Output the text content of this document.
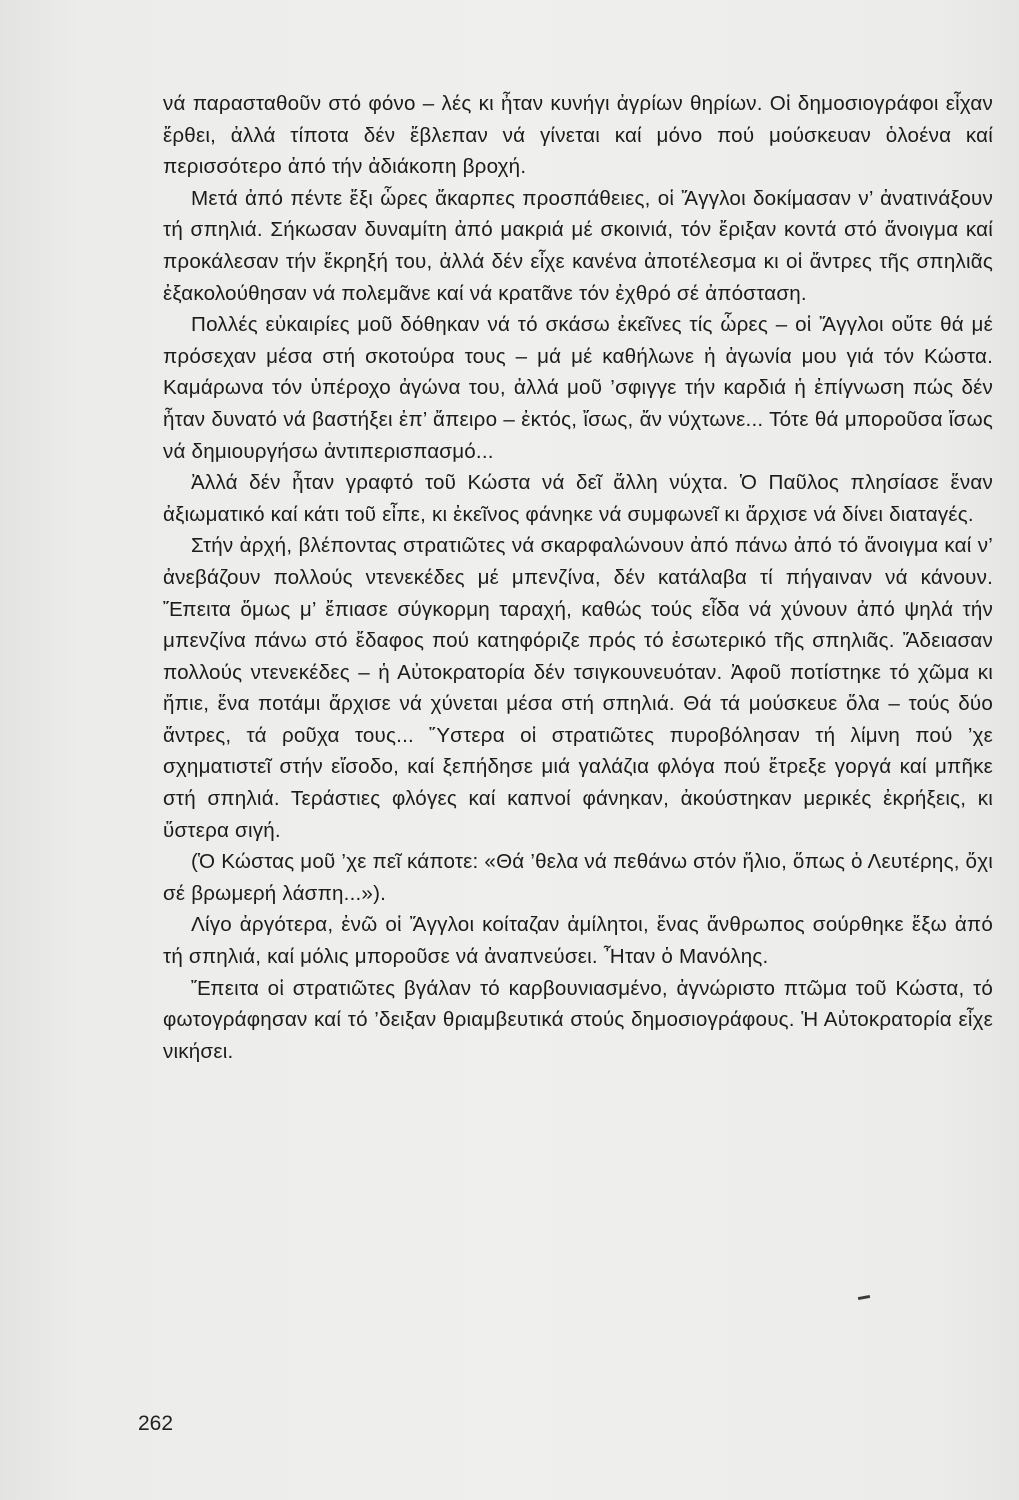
νά παρασταθοῦν στό φόνο – λές κι ἦταν κυνήγι ἀγρίων θηρίων. Οἱ δημοσιογράφοι εἶχαν ἔρθει, ἀλλά τίποτα δέν ἔβλεπαν νά γίνεται καί μόνο πού μούσκευαν ὁλοένα καί περισσότερο ἀπό τήν ἀδιάκοπη βροχή.

Μετά ἀπό πέντε ἔξι ὧρες ἄκαρπες προσπάθειες, οἱ Ἄγγλοι δοκίμασαν ν’ ἀνατινάξουν τή σπηλιά. Σήκωσαν δυναμίτη ἀπό μακριά μέ σκοινιά, τόν ἔριξαν κοντά στό ἄνοιγμα καί προκάλεσαν τήν ἔκρηξή του, ἀλλά δέν εἶχε κανένα ἀποτέλεσμα κι οἱ ἄντρες τῆς σπηλιᾶς ἐξακολούθησαν νά πολεμᾶνε καί νά κρατᾶνε τόν ἐχθρό σέ ἀπόσταση.

Πολλές εὐκαιρίες μοῦ δόθηκαν νά τό σκάσω ἐκεῖνες τίς ὧρες – οἱ Ἄγγλοι οὔτε θά μέ πρόσεχαν μέσα στή σκοτούρα τους – μά μέ καθήλωνε ἡ ἀγωνία μου γιά τόν Κώστα. Καμάρωνα τόν ὑπέροχο ἀγώνα του, ἀλλά μοῦ ’σφιγγε τήν καρδιά ἡ ἐπίγνωση πώς δέν ἦταν δυνατό νά βαστήξει ἐπ’ ἄπειρο – ἐκτός, ἴσως, ἄν νύχτωνε... Τότε θά μποροῦσα ἴσως νά δημιουργήσω ἀντιπερισπασμό...

Ἀλλά δέν ἦταν γραφτό τοῦ Κώστα νά δεῖ ἄλλη νύχτα. Ὁ Παῦλος πλησίασε ἕναν ἀξιωματικό καί κάτι τοῦ εἶπε, κι ἐκεῖνος φάνηκε νά συμφωνεῖ κι ἄρχισε νά δίνει διαταγές.

Στήν ἀρχή, βλέποντας στρατιῶτες νά σκαρφαλώνουν ἀπό πάνω ἀπό τό ἄνοιγμα καί ν’ ἀνεβάζουν πολλούς ντενεκέδες μέ μπενζίνα, δέν κατάλαβα τί πήγαιναν νά κάνουν. Ἔπειτα ὅμως μ’ ἔπιασε σύγκορμη ταραχή, καθώς τούς εἶδα νά χύνουν ἀπό ψηλά τήν μπενζίνα πάνω στό ἔδαφος πού κατηφόριζε πρός τό ἐσωτερικό τῆς σπηλιᾶς. Ἄδειασαν πολλούς ντενεκέδες – ἡ Αὐτοκρατορία δέν τσιγκουνευόταν. Ἀφοῦ ποτίστηκε τό χῶμα κι ἤπιε, ἕνα ποτάμι ἄρχισε νά χύνεται μέσα στή σπηλιά. Θά τά μούσκευε ὅλα – τούς δύο ἄντρες, τά ροῦχα τους... Ὕστερα οἱ στρατιῶτες πυροβόλησαν τή λίμνη πού ’χε σχηματιστεῖ στήν εἴσοδο, καί ξεπήδησε μιά γαλάζια φλόγα πού ἔτρεξε γοργά καί μπῆκε στή σπηλιά. Τεράστιες φλόγες καί καπνοί φάνηκαν, ἀκούστηκαν μερικές ἐκρήξεις, κι ὕστερα σιγή.

(Ὁ Κώστας μοῦ ’χε πεῖ κάποτε: «Θά ’θελα νά πεθάνω στόν ἥλιο, ὅπως ὁ Λευτέρης, ὄχι σέ βρωμερή λάσπη...»).

Λίγο ἀργότερα, ἐνῶ οἱ Ἄγγλοι κοίταζαν ἀμίλητοι, ἕνας ἄνθρωπος σούρθηκε ἔξω ἀπό τή σπηλιά, καί μόλις μποροῦσε νά ἀναπνεύσει. Ἦταν ὁ Μανόλης.

Ἔπειτα οἱ στρατιῶτες βγάλαν τό καρβουνιασμένο, ἀγνώριστο πτῶμα τοῦ Κώστα, τό φωτογράφησαν καί τό ’δειξαν θριαμβευτικά στούς δημοσιογράφους. Ἡ Αὐτοκρατορία εἶχε νικήσει.

262
